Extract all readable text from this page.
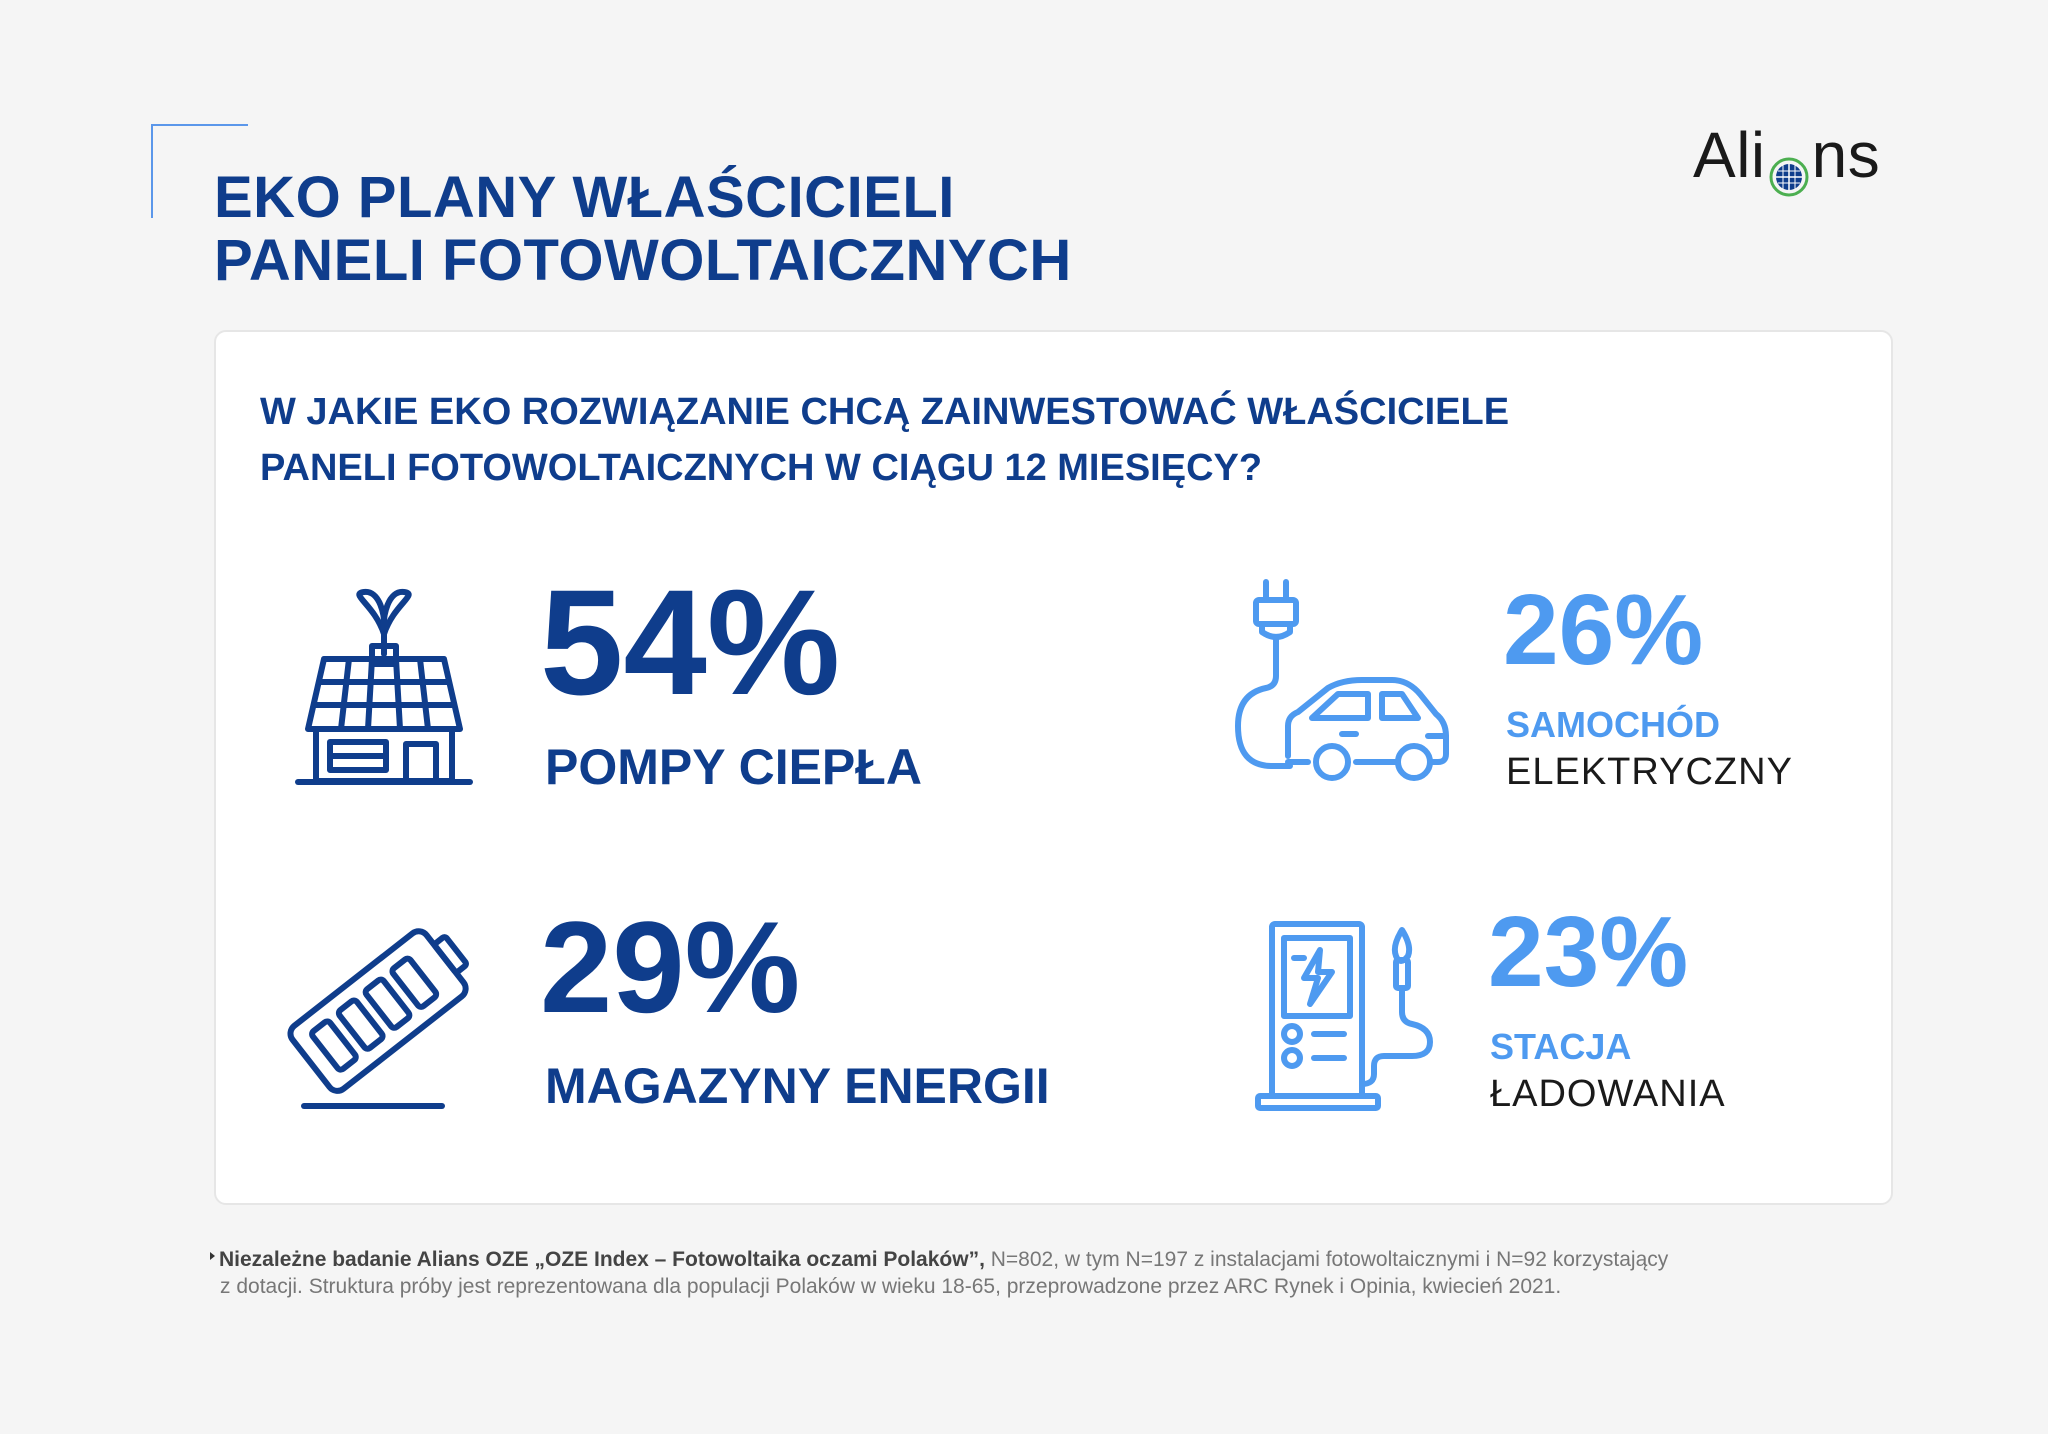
EKO PLANY WŁAŚCICIELI
PANELI FOTOWOLTAICZNYCH
Ali ns
W JAKIE EKO ROZWIĄZANIE CHCĄ ZAINWESTOWAĆ WŁAŚCICIELE
PANELI FOTOWOLTAICZNYCH W CIĄGU 12 MIESIĘCY?
54%
POMPY CIEPŁA
29%
MAGAZYNY ENERGII
26%
SAMOCHÓD
ELEKTRYCZNY
23%
STACJA
ŁADOWANIA
Niezależne badanie Alians OZE „OZE Index – Fotowoltaika oczami Polaków”, N=802, w tym N=197 z instalacjami fotowoltaicznymi i N=92 korzystający
z dotacji. Struktura próby jest reprezentowana dla populacji Polaków w wieku 18-65, przeprowadzone przez ARC Rynek i Opinia, kwiecień 2021.
